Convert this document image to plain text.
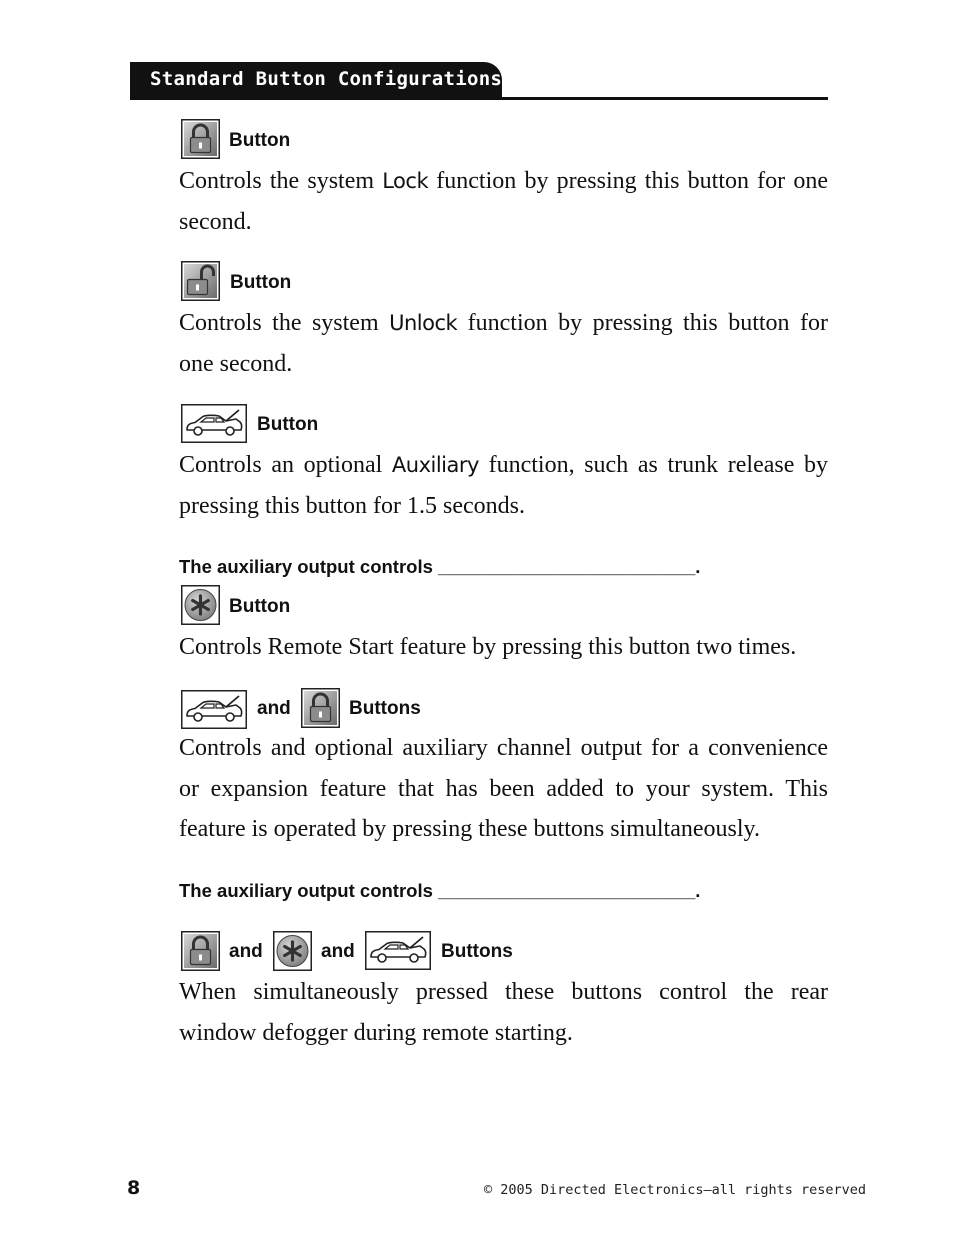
Standard Button Configurations
Button
Controls the system Lock function by pressing this button for one second.
Button
Controls the system Unlock function by pressing this button for one second.
Button
Controls an optional Auxiliary function, such as trunk release by pressing this button for 1.5 seconds.
The auxiliary output controls _________________________.
Button
Controls Remote Start feature by pressing this button two times.
and	Buttons
Controls and optional auxiliary channel output for a convenience or expansion feature that has been added to your system. This feature is operated by pressing these buttons simultaneously.
The auxiliary output controls _________________________.
and	and	Buttons
When simultaneously pressed these buttons control the rear window defogger during remote starting.
8	© 2005 Directed Electronics—all rights reserved
